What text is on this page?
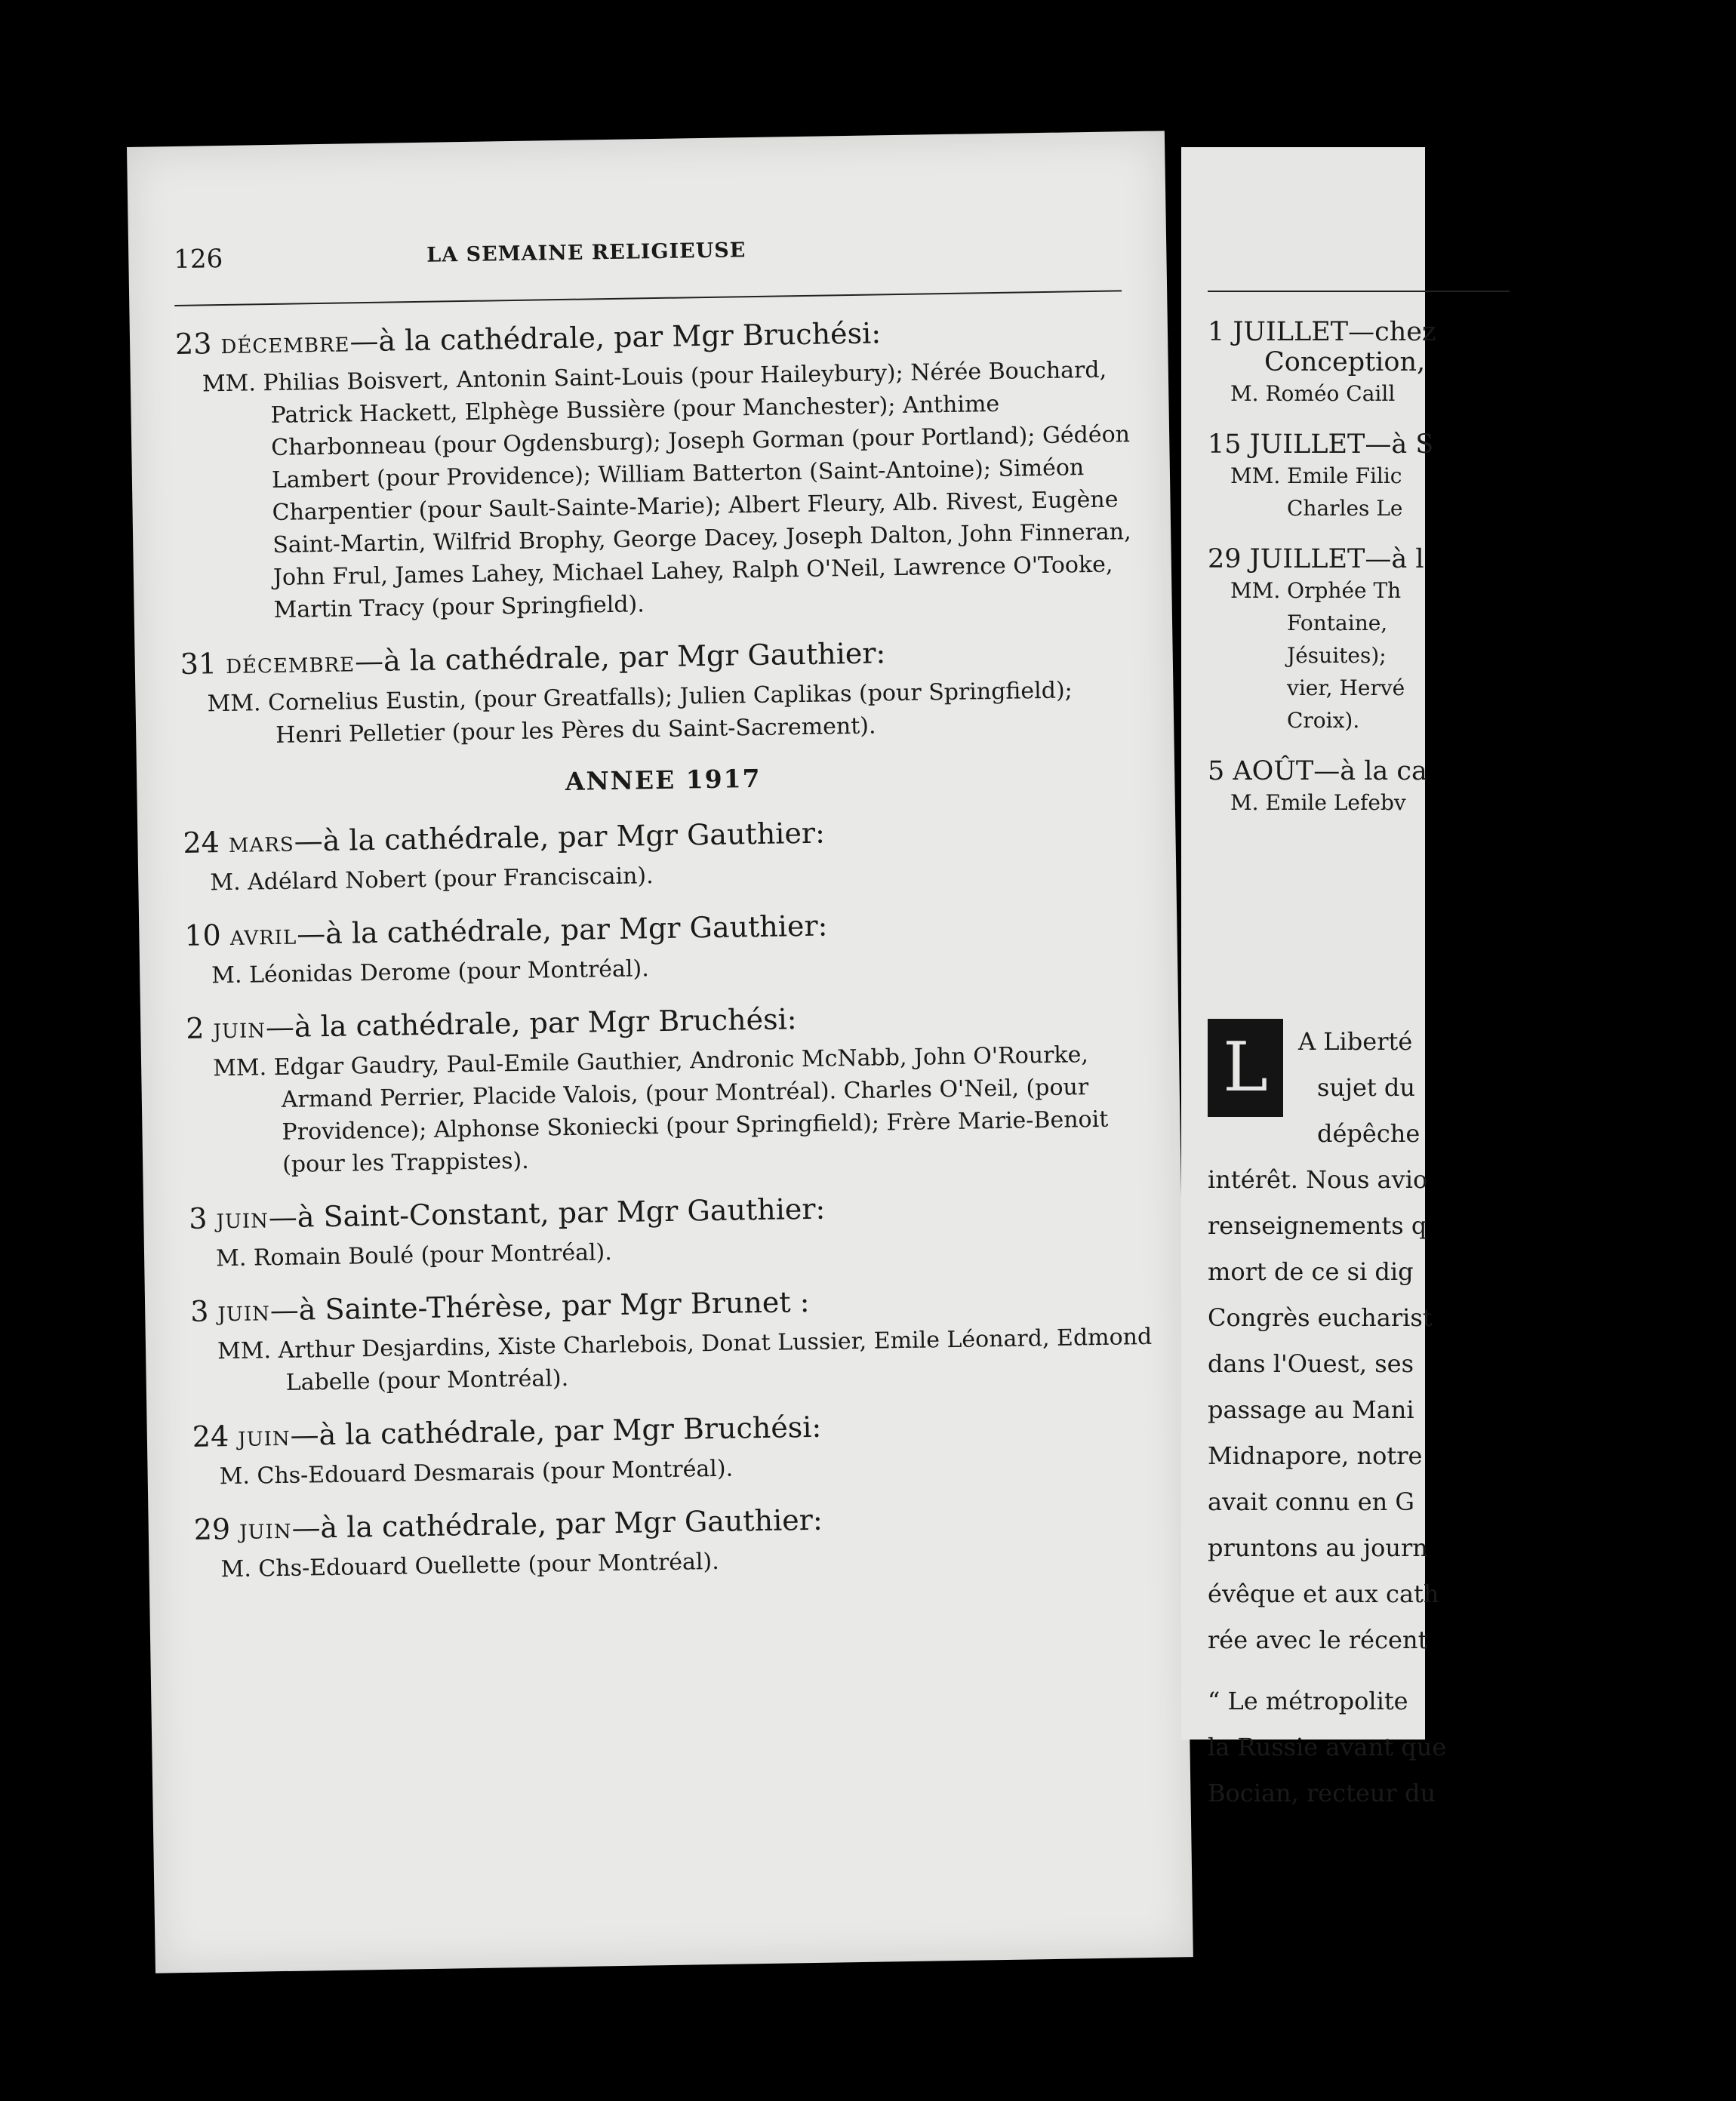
126	LA SEMAINE RELIGIEUSE
23 DÉCEMBRE—à la cathédrale, par Mgr Bruchési:
MM. Philias Boisvert, Antonin Saint-Louis (pour Haileybury); Nérée Bouchard, Patrick Hackett, Elphège Bussière (pour Manchester); Anthime Charbonneau (pour Ogdensburg); Joseph Gorman (pour Portland); Gédéon Lambert (pour Providence); William Batterton (Saint-Antoine); Siméon Charpentier (pour Sault-Sainte-Marie); Albert Fleury, Alb. Rivest, Eugène Saint-Martin, Wilfrid Brophy, George Dacey, Joseph Dalton, John Finneran, John Frul, James Lahey, Michael Lahey, Ralph O'Neil, Lawrence O'Tooke, Martin Tracy (pour Springfield).
31 DÉCEMBRE—à la cathédrale, par Mgr Gauthier:
MM. Cornelius Eustin, (pour Greatfalls); Julien Caplikas (pour Springfield); Henri Pelletier (pour les Pères du Saint-Sacrement).
ANNEE 1917
24 MARS—à la cathédrale, par Mgr Gauthier:
M. Adélard Nobert (pour Franciscain).
10 AVRIL—à la cathédrale, par Mgr Gauthier:
M. Léonidas Derome (pour Montréal).
2 JUIN—à la cathédrale, par Mgr Bruchési:
MM. Edgar Gaudry, Paul-Emile Gauthier, Andronic McNabb, John O'Rourke, Armand Perrier, Placide Valois, (pour Montréal). Charles O'Neil, (pour Providence); Alphonse Skoniecki (pour Springfield); Frère Marie-Benoit (pour les Trappistes).
3 JUIN—à Saint-Constant, par Mgr Gauthier:
M. Romain Boulé (pour Montréal).
3 JUIN—à Sainte-Thérèse, par Mgr Brunet :
MM. Arthur Desjardins, Xiste Charlebois, Donat Lussier, Emile Léonard, Edmond Labelle (pour Montréal).
24 JUIN—à la cathédrale, par Mgr Bruchési:
M. Chs-Edouard Desmarais (pour Montréal).
29 JUIN—à la cathédrale, par Mgr Gauthier:
M. Chs-Edouard Ouellette (pour Montréal).
1 JUILLET—chez
Conception,
M. Roméo Caill
15 JUILLET—à S
MM. Emile Filic
Charles Le
29 JUILLET—à l
MM. Orphée Th
Fontaine,
Jésuites);
vier, Hervé
Croix).
5 AOÛT—à la ca
M. Emile Lefebv
L	A Liberté
sujet du
dépêche
intérêt. Nous avio
renseignements q
mort de ce si dig
Congrès eucharist
dans l'Ouest, ses
passage au Mani
Midnapore, notre
avait connu en G
pruntons au journ
évêque et aux cath
rée avec le récent
“ Le métropolite
la Russie avant que
Bocian, recteur du
